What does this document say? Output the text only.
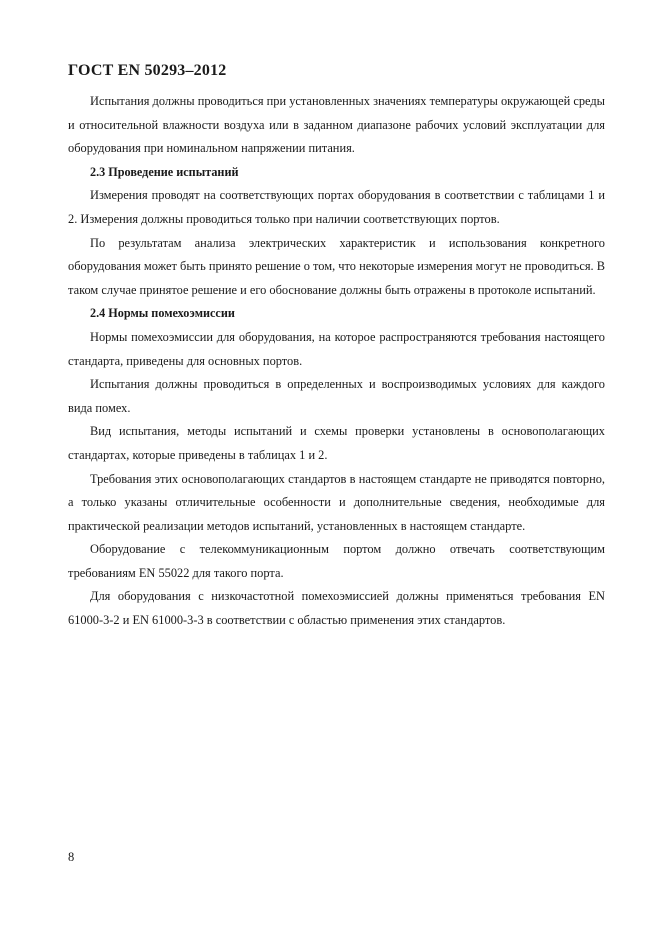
ГОСТ EN 50293–2012

Испытания должны проводиться при установленных значениях температуры окружающей среды и относительной влажности воздуха или в заданном диапазоне рабочих условий эксплуатации для оборудования при номинальном напряжении питания.

2.3 Проведение испытаний

Измерения проводят на соответствующих портах оборудования в соответствии с таблицами 1 и 2. Измерения должны проводиться только при наличии соответствующих портов.

По результатам анализа электрических характеристик и использования конкретного оборудования может быть принято решение о том, что некоторые измерения могут не проводиться. В таком случае принятое решение и его обоснование должны быть отражены в протоколе испытаний.

2.4 Нормы помехоэмиссии

Нормы помехоэмиссии для оборудования, на которое распространяются требования настоящего стандарта, приведены для основных портов.

Испытания должны проводиться в определенных и воспроизводимых условиях для каждого вида помех.

Вид испытания, методы испытаний и схемы проверки установлены в основополагающих стандартах, которые приведены в таблицах 1 и 2.

Требования этих основополагающих стандартов в настоящем стандарте не приводятся повторно, а только указаны отличительные особенности и дополнительные сведения, необходимые для практической реализации методов испытаний, установленных в настоящем стандарте.

Оборудование с телекоммуникационным портом должно отвечать соответствующим требованиям EN 55022 для такого порта.

Для оборудования с низкочастотной помехоэмиссией должны применяться требования EN 61000-3-2 и EN 61000-3-3 в соответствии с областью применения этих стандартов.

8
